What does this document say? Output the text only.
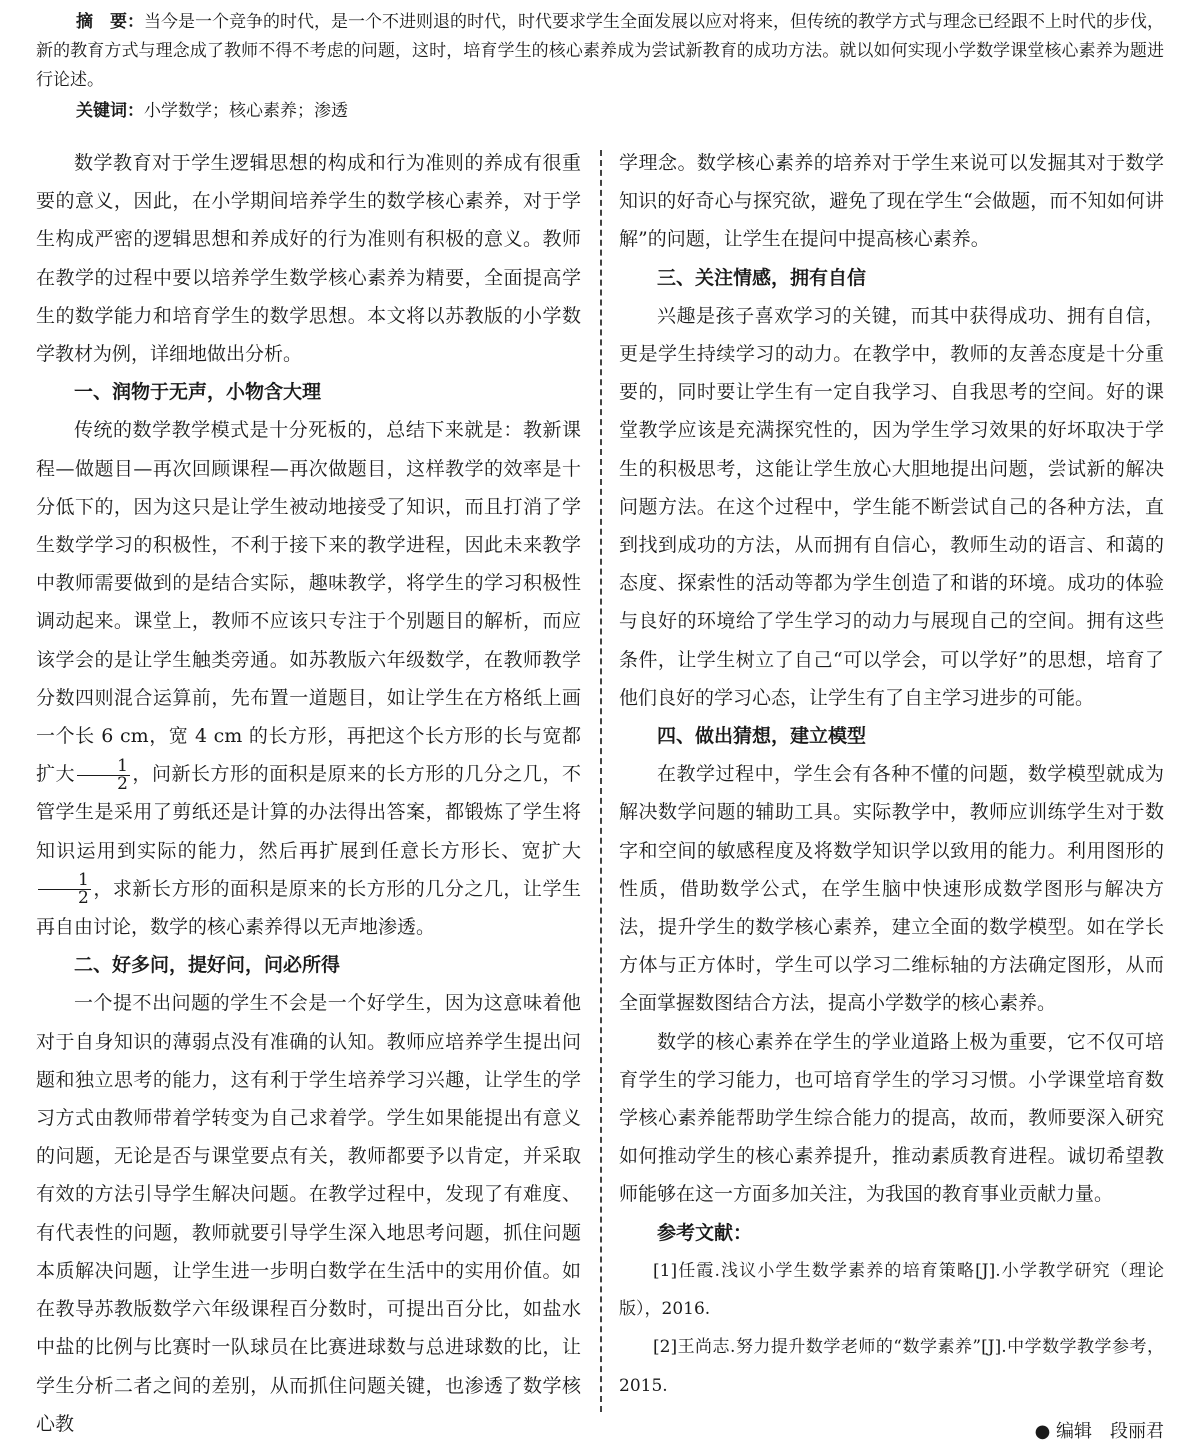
摘　要：当今是一个竞争的时代，是一个不进则退的时代，时代要求学生全面发展以应对将来，但传统的教学方式与理念已经跟不上时代的步伐，新的教育方式与理念成了教师不得不考虑的问题，这时，培育学生的核心素养成为尝试新教育的成功方法。就以如何实现小学数学课堂核心素养为题进行论述。
关键词：小学数学；核心素养；渗透

数学教育对于学生逻辑思想的构成和行为准则的养成有很重要的意义，因此，在小学期间培养学生的数学核心素养，对于学生构成严密的逻辑思想和养成好的行为准则有积极的意义。教师在教学的过程中要以培养学生数学核心素养为精要，全面提高学生的数学能力和培育学生的数学思想。本文将以苏教版的小学数学教材为例，详细地做出分析。

一、润物于无声，小物含大理

传统的数学教学模式是十分死板的，总结下来就是：教新课程—做题目—再次回顾课程—再次做题目，这样教学的效率是十分低下的，因为这只是让学生被动地接受了知识，而且打消了学生数学学习的积极性，不利于接下来的教学进程，因此未来教学中教师需要做到的是结合实际，趣味教学，将学生的学习积极性调动起来。课堂上，教师不应该只专注于个别题目的解析，而应该学会的是让学生触类旁通。如苏教版六年级数学，在教师教学分数四则混合运算前，先布置一道题目，如让学生在方格纸上画一个长 6 cm，宽 4 cm 的长方形，再把这个长方形的长与宽都扩大 $\frac{1}{2}$ ，问新长方形的面积是原来的长方形的几分之几，不管学生是采用了剪纸还是计算的办法得出答案，都锻炼了学生将知识运用到实际的能力，然后再扩展到任意长方形长、宽扩大
$\frac{1}{2}$ ，求新长方形的面积是原来的长方形的几分之几，让学生再自由讨论，数学的核心素养得以无声地渗透。

二、好多问，提好问，问必所得

一个提不出问题的学生不会是一个好学生，因为这意味着他对于自身知识的薄弱点没有准确的认知。教师应培养学生提出问题和独立思考的能力，这有利于学生培养学习兴趣，让学生的学习方式由教师带着学转变为自己求着学。学生如果能提出有意义的问题，无论是否与课堂要点有关，教师都要予以肯定，并采取有效的方法引导学生解决问题。在教学过程中，发现了有难度、有代表性的问题，教师就要引导学生深入地思考问题，抓住问题本质解决问题，让学生进一步明白数学在生活中的实用价值。如在教导苏教版数学六年级课程百分数时，可提出百分比，如盐水中盐的比例与比赛时一队球员在比赛进球数与总进球数的比，让学生分析二者之间的差别，从而抓住问题关键，也渗透了数学核心教

学理念。数学核心素养的培养对于学生来说可以发掘其对于数学知识的好奇心与探究欲，避免了现在学生“会做题，而不知如何讲解”的问题，让学生在提问中提高核心素养。

三、关注情感，拥有自信

兴趣是孩子喜欢学习的关键，而其中获得成功、拥有自信，更是学生持续学习的动力。在教学中，教师的友善态度是十分重要的，同时要让学生有一定自我学习、自我思考的空间。好的课堂教学应该是充满探究性的，因为学生学习效果的好坏取决于学生的积极思考，这能让学生放心大胆地提出问题，尝试新的解决问题方法。在这个过程中，学生能不断尝试自己的各种方法，直到找到成功的方法，从而拥有自信心，教师生动的语言、和蔼的态度、探索性的活动等都为学生创造了和谐的环境。成功的体验与良好的环境给了学生学习的动力与展现自己的空间。拥有这些条件，让学生树立了自己“可以学会，可以学好”的思想，培育了他们良好的学习心态，让学生有了自主学习进步的可能。

四、做出猜想，建立模型

在教学过程中，学生会有各种不懂的问题，数学模型就成为解决数学问题的辅助工具。实际教学中，教师应训练学生对于数字和空间的敏感程度及将数学知识学以致用的能力。利用图形的性质，借助数学公式，在学生脑中快速形成数学图形与解决方法，提升学生的数学核心素养，建立全面的数学模型。如在学长方体与正方体时，学生可以学习二维标轴的方法确定图形，从而全面掌握数图结合方法，提高小学数学的核心素养。

数学的核心素养在学生的学业道路上极为重要，它不仅可培育学生的学习能力，也可培育学生的学习习惯。小学课堂培育数学核心素养能帮助学生综合能力的提高，故而，教师要深入研究如何推动学生的核心素养提升，推动素质教育进程。诚切希望教师能够在这一方面多加关注，为我国的教育事业贡献力量。

参考文献：

[1]任霞.浅议小学生数学素养的培育策略[J].小学教学研究（理论版），2016.

[2]王尚志.努力提升数学老师的“数学素养”[J].中学数学教学参考，2015.

● 编辑　段丽君
